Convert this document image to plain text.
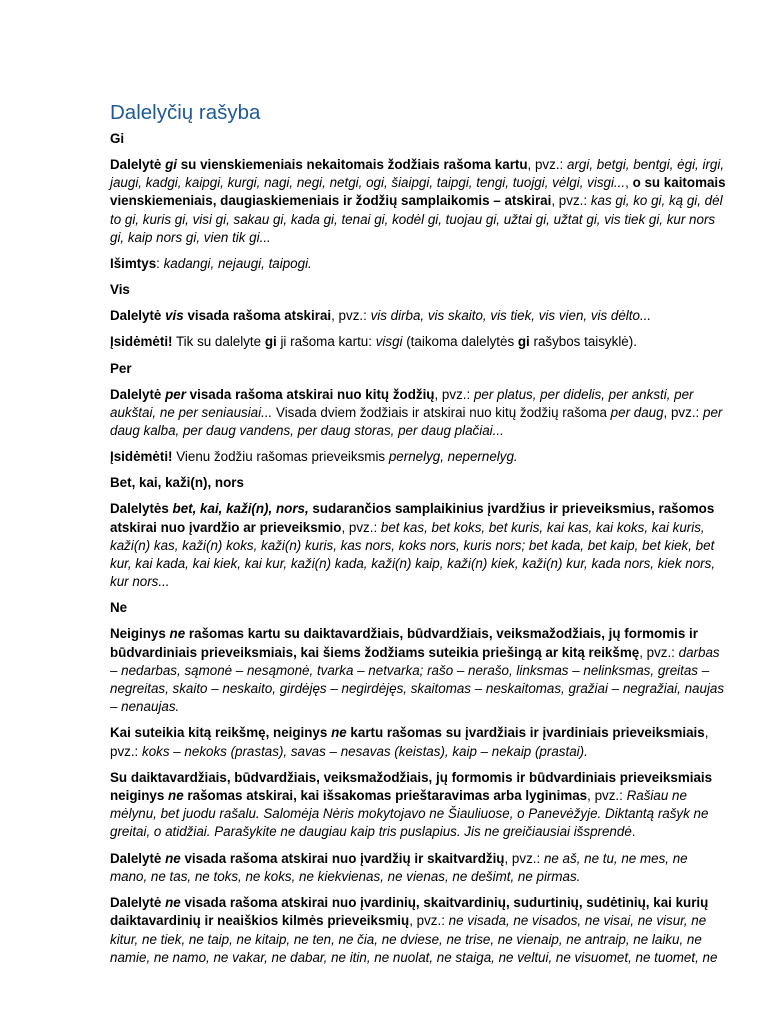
Dalelyčių rašyba
Gi

Dalelytė gi su vienskiemeniais nekaitomais žodžiais rašoma kartu, pvz.: argi, betgi, bentgi, ėgi, irgi, jaugi, kadgi, kaipgi, kurgi, nagi, negi, netgi, ogi, šiaipgi, taipgi, tengi, tuojgi, vėlgi, visgi..., o su kaitomais vienskiemeniais, daugiaskiemeniais ir žodžių samplaikomis – atskirai, pvz.: kas gi, ko gi, ką gi, dėl to gi, kuris gi, visi gi, sakau gi, kada gi, tenai gi, kodėl gi, tuojau gi, užtai gi, užtat gi, vis tiek gi, kur nors gi, kaip nors gi, vien tik gi...

Išimtys: kadangi, nejaugi, taipogi.

Vis

Dalelytė vis visada rašoma atskirai, pvz.: vis dirba, vis skaito, vis tiek, vis vien, vis dėlto...

Įsidėmėti! Tik su dalelyte gi ji rašoma kartu: visgi (taikoma dalelytės gi rašybos taisyklė).

Per

Dalelytė per visada rašoma atskirai nuo kitų žodžių, pvz.: per platus, per didelis, per anksti, per aukštai, ne per seniausiai... Visada dviem žodžiais ir atskirai nuo kitų žodžių rašoma per daug, pvz.: per daug kalba, per daug vandens, per daug storas, per daug plačiai...

Įsidėmėti! Vienu žodžiu rašomas prieveiksmis pernelyg, nepernelyg.

Bet, kai, kaži(n), nors

Dalelytės bet, kai, kaži(n), nors, sudarančios samplaikinius įvardžius ir prieveiksmius, rašomos atskirai nuo įvardžio ar prieveiksmio, pvz.: bet kas, bet koks, bet kuris, kai kas, kai koks, kai kuris, kaži(n) kas, kaži(n) koks, kaži(n) kuris, kas nors, koks nors, kuris nors; bet kada, bet kaip, bet kiek, bet kur, kai kada, kai kiek, kai kur, kaži(n) kada, kaži(n) kaip, kaži(n) kiek, kaži(n) kur, kada nors, kiek nors, kur nors...

Ne

Neiginys ne rašomas kartu su daiktavardžiais, būdvardžiais, veiksmažodžiais, jų formomis ir būdvardiniais prieveiksmiais, kai šiems žodžiams suteikia priešingą ar kitą reikšmę, pvz.: darbas – nedarbas, sąmonė – nesąmonė, tvarka – netvarka; rašo – nerašo, linksmas – nelinksmas, greitas – negreitas, skaito – neskaito, girdėjęs – negirdėjęs, skaitomas – neskaitomas, gražiai – negražiai, naujas – nenaujas.

Kai suteikia kitą reikšmę, neiginys ne kartu rašomas su įvardžiais ir įvardiniais prieveiksmiais, pvz.: koks – nekoks (prastas), savas – nesavas (keistas), kaip – nekaip (prastai).

Su daiktavardžiais, būdvardžiais, veiksmažodžiais, jų formomis ir būdvardiniais prieveiksmiais neiginys ne rašomas atskirai, kai išsakomas prieštaravimas arba lyginimas, pvz.: Rašiau ne mėlynu, bet juodu rašalu. Salomėja Nėris mokytojavo ne Šiauliuose, o Panevėžyje. Diktantą rašyk ne greitai, o atidžiai. Parašykite ne daugiau kaip tris puslapius. Jis ne greičiausiai išsprendė.

Dalelytė ne visada rašoma atskirai nuo įvardžių ir skaitvardžių, pvz.: ne aš, ne tu, ne mes, ne mano, ne tas, ne toks, ne koks, ne kiekvienas, ne vienas, ne dešimt, ne pirmas.

Dalelytė ne visada rašoma atskirai nuo įvardinių, skaitvardinių, sudurtinių, sudėtinių, kai kurių daiktavardinių ir neaiškios kilmės prieveiksmių, pvz.: ne visada, ne visados, ne visai, ne visur, ne kitur, ne tiek, ne taip, ne kitaip, ne ten, ne čia, ne dviese, ne trise, ne vienaip, ne antraip, ne laiku, ne namie, ne namo, ne vakar, ne dabar, ne itin, ne nuolat, ne staiga, ne veltui, ne visuomet, ne tuomet, ne
